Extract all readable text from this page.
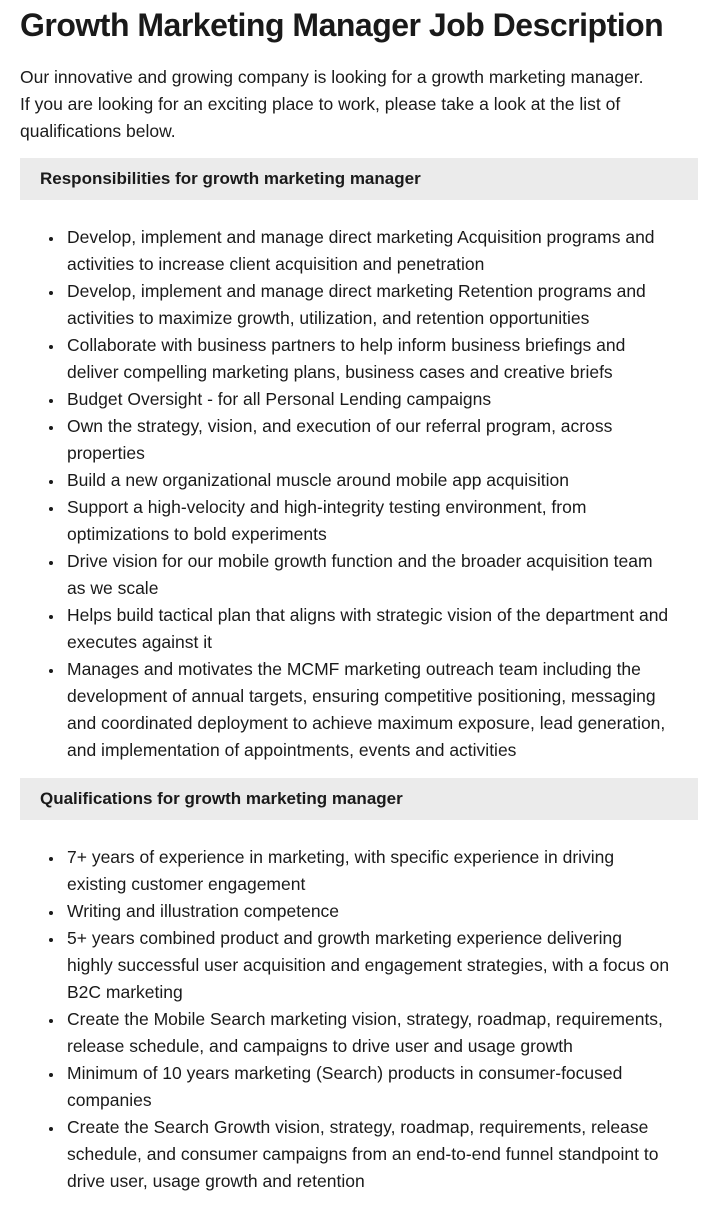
Growth Marketing Manager Job Description

Our innovative and growing company is looking for a growth marketing manager. If you are looking for an exciting place to work, please take a look at the list of qualifications below.

Responsibilities for growth marketing manager
• Develop, implement and manage direct marketing Acquisition programs and activities to increase client acquisition and penetration
• Develop, implement and manage direct marketing Retention programs and activities to maximize growth, utilization, and retention opportunities
• Collaborate with business partners to help inform business briefings and deliver compelling marketing plans, business cases and creative briefs
• Budget Oversight - for all Personal Lending campaigns
• Own the strategy, vision, and execution of our referral program, across properties
• Build a new organizational muscle around mobile app acquisition
• Support a high-velocity and high-integrity testing environment, from optimizations to bold experiments
• Drive vision for our mobile growth function and the broader acquisition team as we scale
• Helps build tactical plan that aligns with strategic vision of the department and executes against it
• Manages and motivates the MCMF marketing outreach team including the development of annual targets, ensuring competitive positioning, messaging and coordinated deployment to achieve maximum exposure, lead generation, and implementation of appointments, events and activities
Qualifications for growth marketing manager
• 7+ years of experience in marketing, with specific experience in driving existing customer engagement
• Writing and illustration competence
• 5+ years combined product and growth marketing experience delivering highly successful user acquisition and engagement strategies, with a focus on B2C marketing
• Create the Mobile Search marketing vision, strategy, roadmap, requirements, release schedule, and campaigns to drive user and usage growth
• Minimum of 10 years marketing (Search) products in consumer-focused companies
• Create the Search Growth vision, strategy, roadmap, requirements, release schedule, and consumer campaigns from an end-to-end funnel standpoint to drive user, usage growth and retention
